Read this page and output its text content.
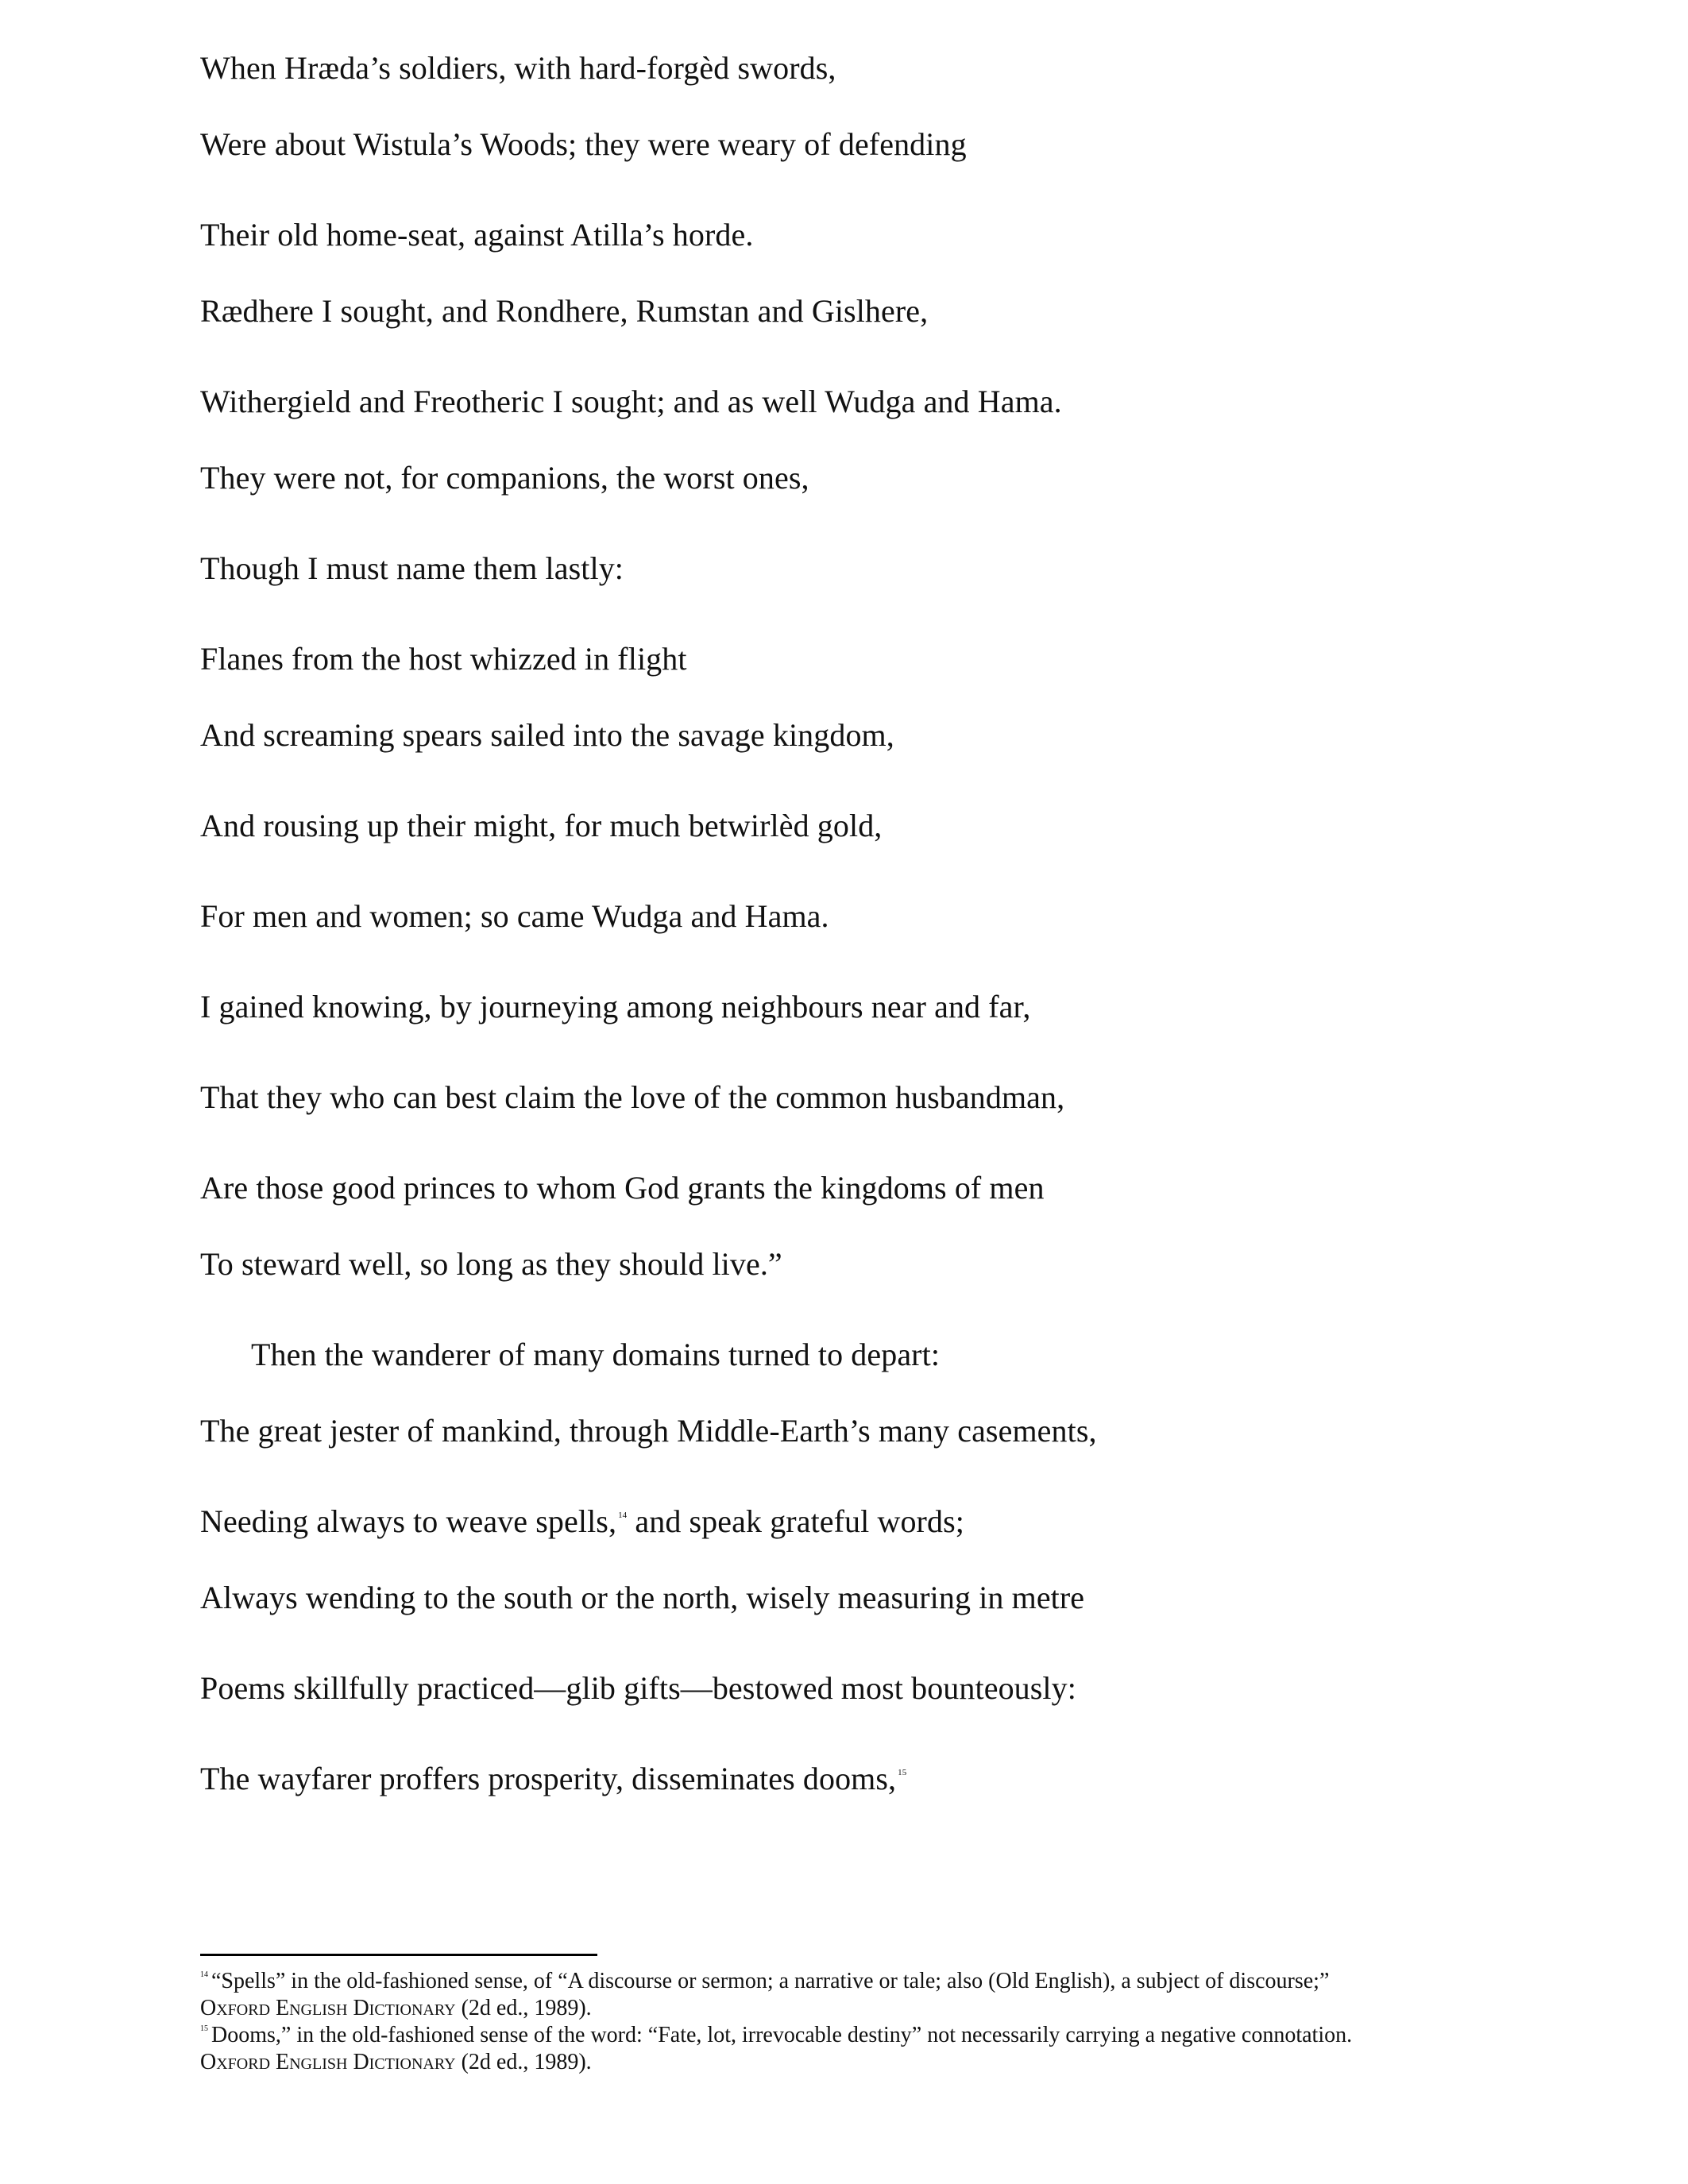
When Hræda’s soldiers, with hard-forgèd swords,
Were about Wistula’s Woods; they were weary of defending
Their old home-seat, against Atilla’s horde.
Rædhere I sought, and Rondhere, Rumstan and Gislhere,
Withergield and Freotheric I sought; and as well Wudga and Hama.
They were not, for companions, the worst ones,
Though I must name them lastly:
Flanes from the host whizzed in flight
And screaming spears sailed into the savage kingdom,
And rousing up their might, for much betwirlèd gold,
For men and women; so came Wudga and Hama.
I gained knowing, by journeying among neighbours near and far,
That they who can best claim the love of the common husbandman,
Are those good princes to whom God grants the kingdoms of men
To steward well, so long as they should live.”
Then the wanderer of many domains turned to depart:
The great jester of mankind, through Middle-Earth’s many casements,
Needing always to weave spells, $^{14}$ and speak grateful words;
Always wending to the south or the north, wisely measuring in metre
Poems skillfully practiced—glib gifts—bestowed most bounteously:
The wayfarer proffers prosperity, disseminates dooms, $^{15}$
$^{14}$ “Spells” in the old-fashioned sense, of “A discourse or sermon; a narrative or tale; also (Old English), a subject of discourse;”
Oxford English Dictionary (2d ed., 1989).
$^{15}$ Dooms,” in the old-fashioned sense of the word: “Fate, lot, irrevocable destiny” not necessarily carrying a negative connotation.
Oxford English Dictionary (2d ed., 1989).
